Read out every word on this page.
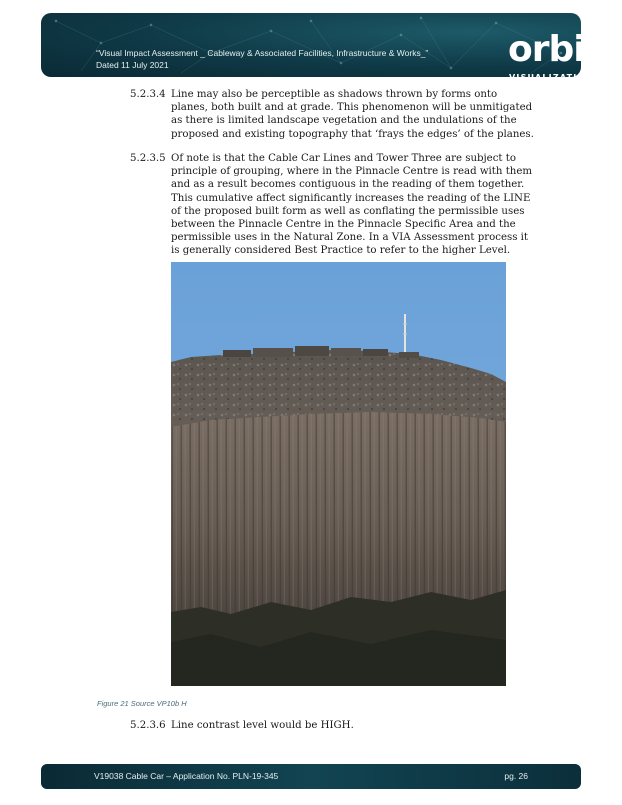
“Visual Impact Assessment _ Cableway & Associated Facilities, Infrastructure & Works_”
Dated 11 July 2021	orbit
VISUALIZATION
5.2.3.4 Line may also be perceptible as shadows thrown by forms onto planes, both built and at grade. This phenomenon will be unmitigated as there is limited landscape vegetation and the undulations of the proposed and existing topography that ‘frays the edges’ of the planes.
5.2.3.5 Of note is that the Cable Car Lines and Tower Three are subject to principle of grouping, where in the Pinnacle Centre is read with them and as a result becomes contiguous in the reading of them together. This cumulative affect significantly increases the reading of the LINE of the proposed built form as well as conflating the permissible uses between the Pinnacle Centre in the Pinnacle Specific Area and the permissible uses in the Natural Zone. In a VIA Assessment process it is generally considered Best Practice to refer to the higher Level.
Figure 21 Source VP10b H
5.2.3.6 Line contrast level would be HIGH.
V19038 Cable Car – Application No. PLN-19-345	pg. 26
